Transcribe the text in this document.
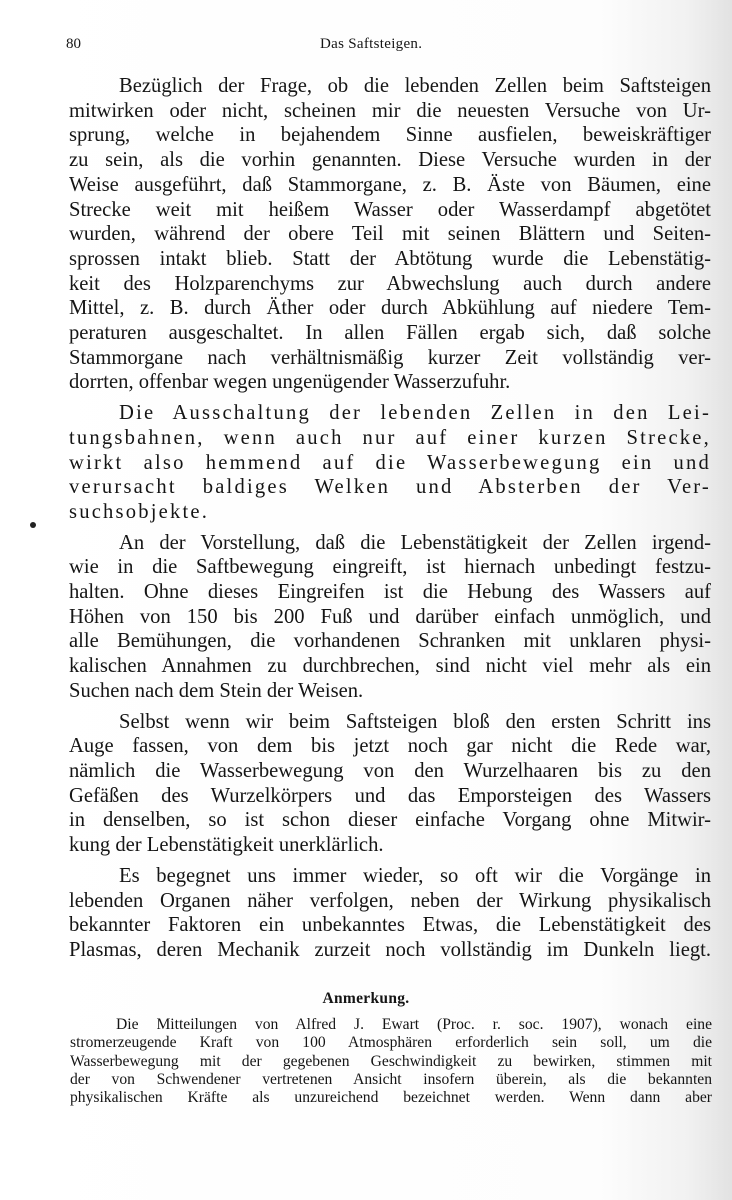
80	Das Saftsteigen.

Bezüglich der Frage, ob die lebenden Zellen beim Saftsteigen
mitwirken oder nicht, scheinen mir die neuesten Versuche von Ur-
sprung, welche in bejahendem Sinne ausfielen, beweiskräftiger
zu sein, als die vorhin genannten. Diese Versuche wurden in der
Weise ausgeführt, daß Stammorgane, z. B. Äste von Bäumen, eine
Strecke weit mit heißem Wasser oder Wasserdampf abgetötet
wurden, während der obere Teil mit seinen Blättern und Seiten-
sprossen intakt blieb. Statt der Abtötung wurde die Lebenstätig-
keit des Holzparenchyms zur Abwechslung auch durch andere
Mittel, z. B. durch Äther oder durch Abkühlung auf niedere Tem-
peraturen ausgeschaltet. In allen Fällen ergab sich, daß solche
Stammorgane nach verhältnismäßig kurzer Zeit vollständig ver-
dorrten, offenbar wegen ungenügender Wasserzufuhr.

Die Ausschaltung der lebenden Zellen in den Lei-
tungsbahnen, wenn auch nur auf einer kurzen Strecke,
wirkt also hemmend auf die Wasserbewegung ein und
verursacht baldiges Welken und Absterben der Ver-
suchsobjekte.

An der Vorstellung, daß die Lebenstätigkeit der Zellen irgend-
wie in die Saftbewegung eingreift, ist hiernach unbedingt festzu-
halten. Ohne dieses Eingreifen ist die Hebung des Wassers auf
Höhen von 150 bis 200 Fuß und darüber einfach unmöglich, und
alle Bemühungen, die vorhandenen Schranken mit unklaren physi-
kalischen Annahmen zu durchbrechen, sind nicht viel mehr als ein
Suchen nach dem Stein der Weisen.

Selbst wenn wir beim Saftsteigen bloß den ersten Schritt ins
Auge fassen, von dem bis jetzt noch gar nicht die Rede war,
nämlich die Wasserbewegung von den Wurzelhaaren bis zu den
Gefäßen des Wurzelkörpers und das Emporsteigen des Wassers
in denselben, so ist schon dieser einfache Vorgang ohne Mitwir-
kung der Lebenstätigkeit unerklärlich.

Es begegnet uns immer wieder, so oft wir die Vorgänge in
lebenden Organen näher verfolgen, neben der Wirkung physikalisch
bekannter Faktoren ein unbekanntes Etwas, die Lebenstätigkeit des
Plasmas, deren Mechanik zurzeit noch vollständig im Dunkeln liegt.

Anmerkung.
Die Mitteilungen von Alfred J. Ewart (Proc. r. soc. 1907), wonach eine
stromerzeugende Kraft von 100 Atmosphären erforderlich sein soll, um die
Wasserbewegung mit der gegebenen Geschwindigkeit zu bewirken, stimmen mit
der von Schwendener vertretenen Ansicht insofern überein, als die bekannten
physikalischen Kräfte als unzureichend bezeichnet werden. Wenn dann aber
